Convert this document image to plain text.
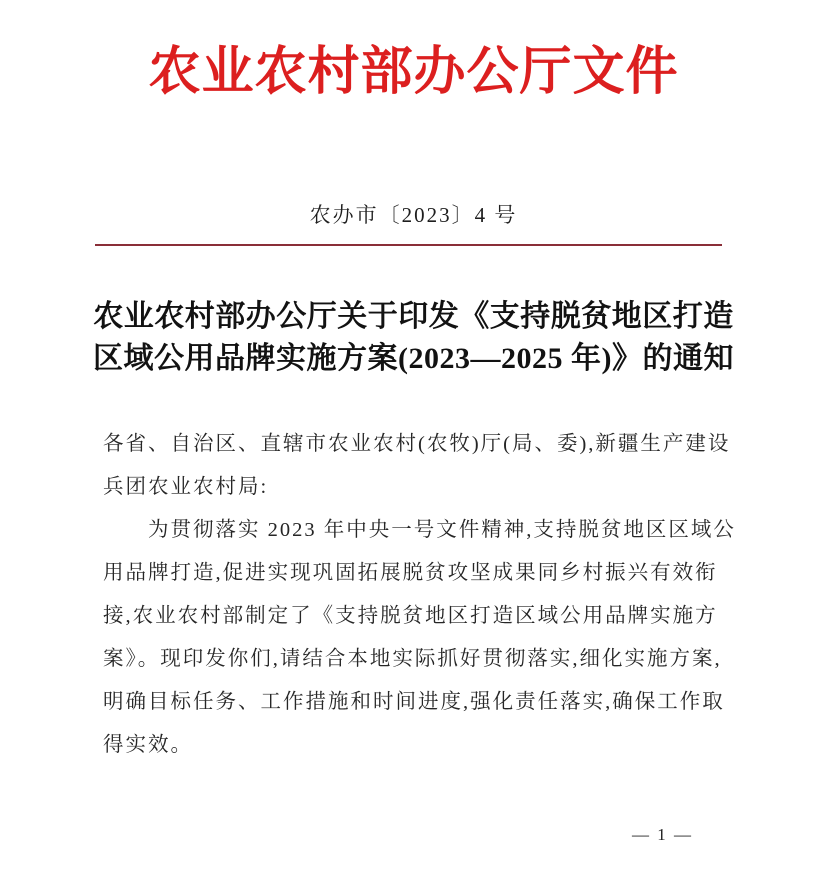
农业农村部办公厅文件
农办市〔2023〕4 号
农业农村部办公厅关于印发《支持脱贫地区打造
区域公用品牌实施方案(2023—2025 年)》的通知
各省、自治区、直辖市农业农村(农牧)厅(局、委),新疆生产建设
兵团农业农村局:
为贯彻落实 2023 年中央一号文件精神,支持脱贫地区区域公
用品牌打造,促进实现巩固拓展脱贫攻坚成果同乡村振兴有效衔
接,农业农村部制定了《支持脱贫地区打造区域公用品牌实施方
案》。现印发你们,请结合本地实际抓好贯彻落实,细化实施方案,
明确目标任务、工作措施和时间进度,强化责任落实,确保工作取
得实效。
— 1 —
